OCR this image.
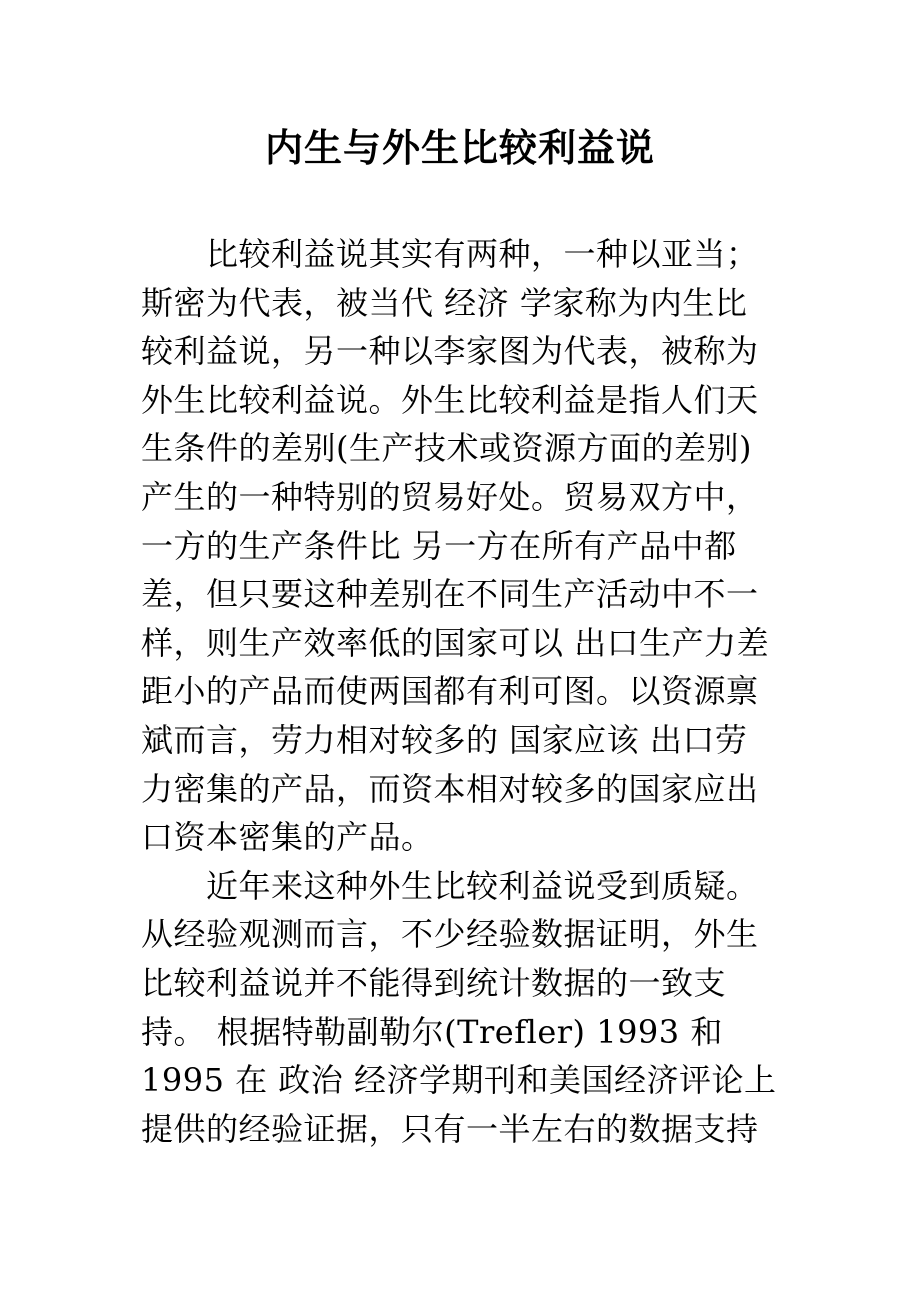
内生与外生比较利益说
　　比较利益说其实有两种，一种以亚当；
斯密为代表，被当代 经济 学家称为内生比
较利益说，另一种以李家图为代表，被称为
外生比较利益说。外生比较利益是指人们天
生条件的差别(生产技术或资源方面的差别)
产生的一种特别的贸易好处。贸易双方中，
一方的生产条件比 另一方在所有产品中都
差，但只要这种差别在不同生产活动中不一
样，则生产效率低的国家可以 出口生产力差
距小的产品而使两国都有利可图。以资源禀
斌而言，劳力相对较多的 国家应该 出口劳
力密集的产品，而资本相对较多的国家应出
口资本密集的产品。
　　近年来这种外生比较利益说受到质疑。
从经验观测而言，不少经验数据证明，外生
比较利益说并不能得到统计数据的一致支
持。 根据特勒副勒尔(Trefler) 1993 和
1995 在 政治 经济学期刊和美国经济评论上
提供的经验证据，只有一半左右的数据支持
